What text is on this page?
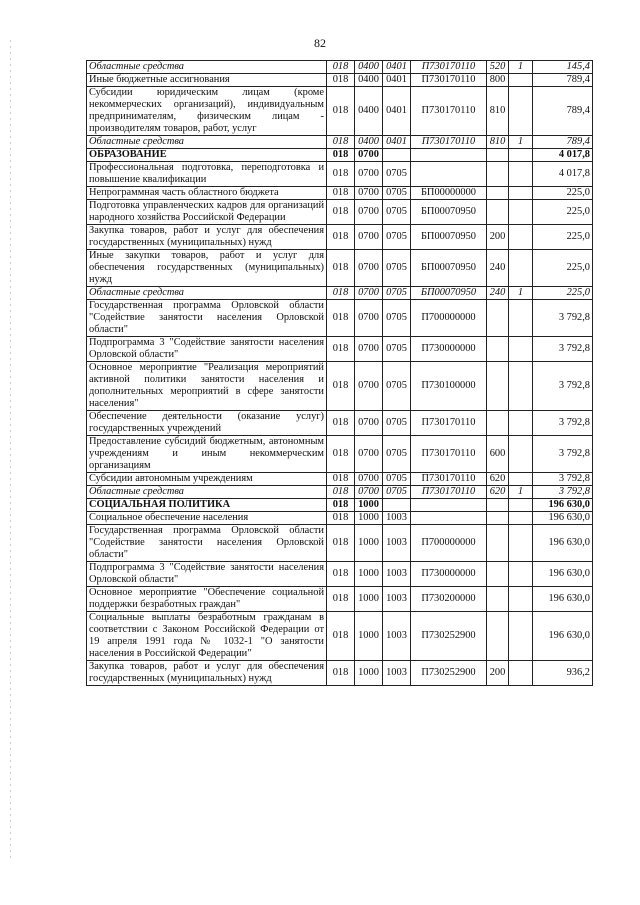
82
Областные средства	018	0400	0401	П730170110	520	1	145,4
Иные бюджетные ассигнования	018	0400	0401	П730170110	800		789,4
Субсидии юридическим лицам (кроме некоммерческих организаций), индивидуальным предпринимателям, физическим лицам - производителям товаров, работ, услуг	018	0400	0401	П730170110	810		789,4
Областные средства	018	0400	0401	П730170110	810	1	789,4
ОБРАЗОВАНИЕ	018	0700					4 017,8
Профессиональная подготовка, переподготовка и повышение квалификации	018	0700	0705				4 017,8
Непрограммная часть областного бюджета	018	0700	0705	БП00000000			225,0
Подготовка управленческих кадров для организаций народного хозяйства Российской Федерации	018	0700	0705	БП00070950			225,0
Закупка товаров, работ и услуг для обеспечения государственных (муниципальных) нужд	018	0700	0705	БП00070950	200		225,0
Иные закупки товаров, работ и услуг для обеспечения государственных (муниципальных) нужд	018	0700	0705	БП00070950	240		225,0
Областные средства	018	0700	0705	БП00070950	240	1	225,0
Государственная программа Орловской области "Содействие занятости населения Орловской области"	018	0700	0705	П700000000			3 792,8
Подпрограмма 3 "Содействие занятости населения Орловской области"	018	0700	0705	П730000000			3 792,8
Основное мероприятие "Реализация мероприятий активной политики занятости населения и дополнительных мероприятий в сфере занятости населения"	018	0700	0705	П730100000			3 792,8
Обеспечение деятельности (оказание услуг) государственных учреждений	018	0700	0705	П730170110			3 792,8
Предоставление субсидий бюджетным, автономным учреждениям и иным некоммерческим организациям	018	0700	0705	П730170110	600		3 792,8
Субсидии автономным учреждениям	018	0700	0705	П730170110	620		3 792,8
Областные средства	018	0700	0705	П730170110	620	1	3 792,8
СОЦИАЛЬНАЯ ПОЛИТИКА	018	1000					196 630,0
Социальное обеспечение населения	018	1000	1003				196 630,0
Государственная программа Орловской области "Содействие занятости населения Орловской области"	018	1000	1003	П700000000			196 630,0
Подпрограмма 3 "Содействие занятости населения Орловской области"	018	1000	1003	П730000000			196 630,0
Основное мероприятие "Обеспечение социальной поддержки безработных граждан"	018	1000	1003	П730200000			196 630,0
Социальные выплаты безработным гражданам в соответствии с Законом Российской Федерации от 19 апреля 1991 года № 1032-1 "О занятости населения в Российской Федерации"	018	1000	1003	П730252900			196 630,0
Закупка товаров, работ и услуг для обеспечения государственных (муниципальных) нужд	018	1000	1003	П730252900	200		936,2
